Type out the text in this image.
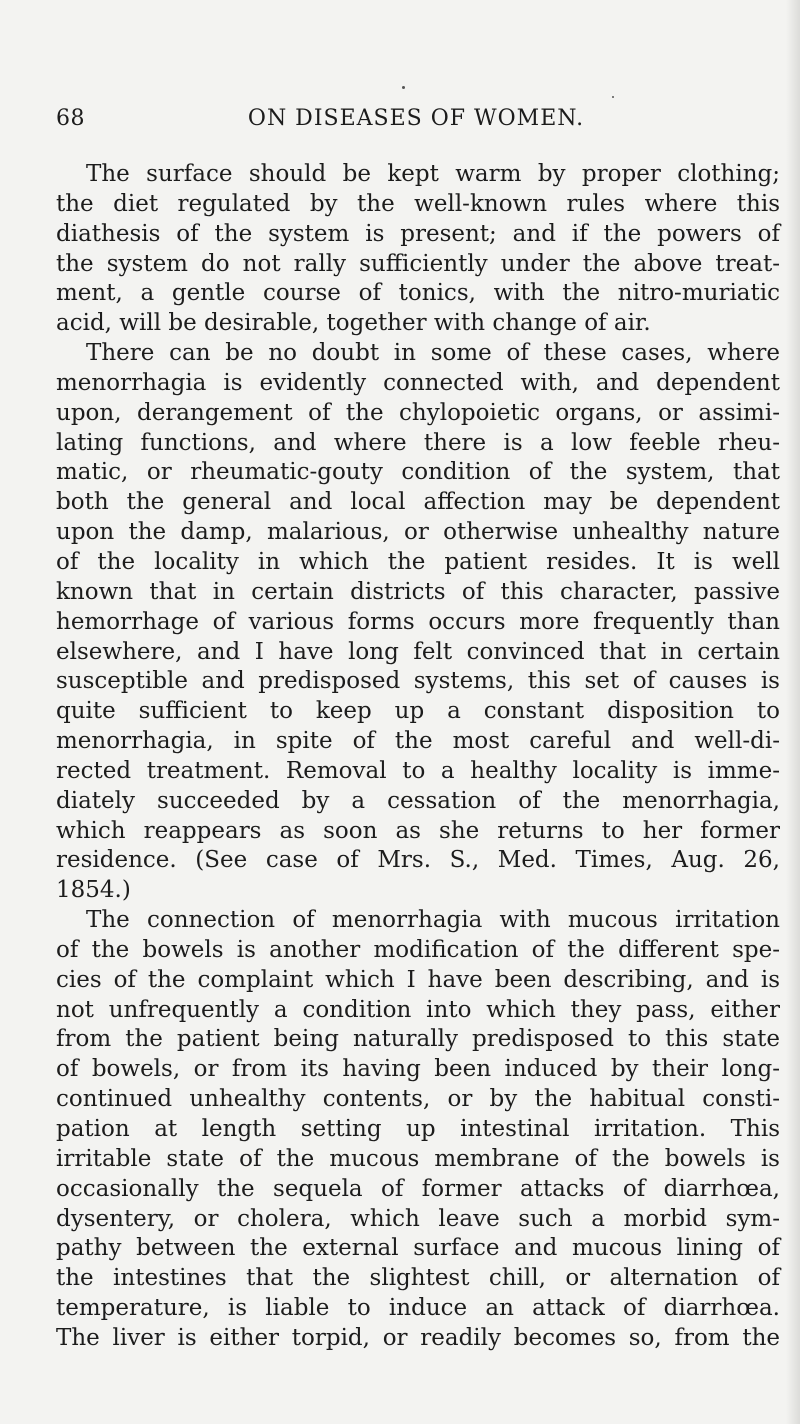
68	ON DISEASES OF WOMEN.
The surface should be kept warm by proper clothing;
the diet regulated by the well-known rules where this
diathesis of the system is present; and if the powers of
the system do not rally sufficiently under the above treat-
ment, a gentle course of tonics, with the nitro-muriatic
acid, will be desirable, together with change of air.
There can be no doubt in some of these cases, where
menorrhagia is evidently connected with, and dependent
upon, derangement of the chylopoietic organs, or assimi-
lating functions, and where there is a low feeble rheu-
matic, or rheumatic-gouty condition of the system, that
both the general and local affection may be dependent
upon the damp, malarious, or otherwise unhealthy nature
of the locality in which the patient resides. It is well
known that in certain districts of this character, passive
hemorrhage of various forms occurs more frequently than
elsewhere, and I have long felt convinced that in certain
susceptible and predisposed systems, this set of causes is
quite sufficient to keep up a constant disposition to
menorrhagia, in spite of the most careful and well-di-
rected treatment. Removal to a healthy locality is imme-
diately succeeded by a cessation of the menorrhagia,
which reappears as soon as she returns to her former
residence. (See case of Mrs. S., Med. Times, Aug. 26,
1854.)
The connection of menorrhagia with mucous irritation
of the bowels is another modification of the different spe-
cies of the complaint which I have been describing, and is
not unfrequently a condition into which they pass, either
from the patient being naturally predisposed to this state
of bowels, or from its having been induced by their long-
continued unhealthy contents, or by the habitual consti-
pation at length setting up intestinal irritation. This
irritable state of the mucous membrane of the bowels is
occasionally the sequela of former attacks of diarrhœa,
dysentery, or cholera, which leave such a morbid sym-
pathy between the external surface and mucous lining of
the intestines that the slightest chill, or alternation of
temperature, is liable to induce an attack of diarrhœa.
The liver is either torpid, or readily becomes so, from the
